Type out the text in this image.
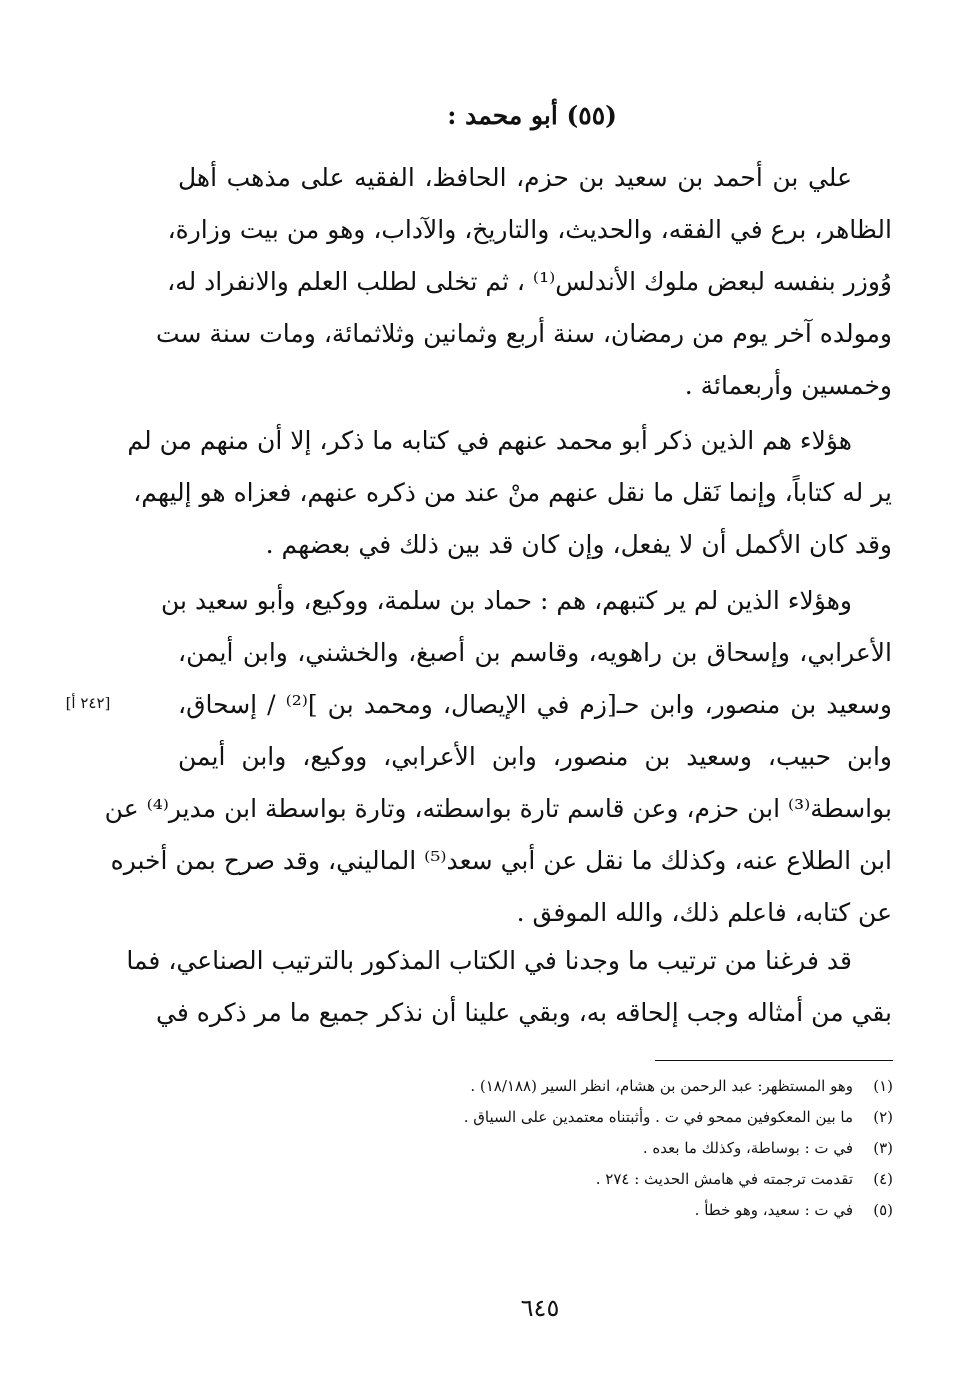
(٥٥) أبو محمد :
علي بن أحمد بن سعيد بن حزم، الحافظ، الفقيه على مذهب أهل
الظاهر، برع في الفقه، والحديث، والتاريخ، والآداب، وهو من بيت وزارة،
وُوزر بنفسه لبعض ملوك الأندلس⁽¹⁾ ، ثم تخلى لطلب العلم والانفراد له،
ومولده آخر يوم من رمضان، سنة أربع وثمانين وثلاثمائة، ومات سنة ست
وخمسين وأربعمائة .
هؤلاء هم الذين ذكر أبو محمد عنهم في كتابه ما ذكر، إلا أن منهم من لم
ير له كتاباً، وإنما نَقل ما نقل عنهم منْ عند من ذكره عنهم، فعزاه هو إليهم،
وقد كان الأكمل أن لا يفعل، وإن كان قد بين ذلك في بعضهم .
وهؤلاء الذين لم ير كتبهم، هم : حماد بن سلمة، ووكيع، وأبو سعيد بن
الأعرابي، وإسحاق بن راهويه، وقاسم بن أصبغ، والخشني، وابن أيمن،
وسعيد بن منصور، وابن حـ[زم في الإيصال، ومحمد بن ]⁽²⁾ / إسحاق،
وابن حبيب، وسعيد بن منصور، وابن الأعرابي، ووكيع، وابن أيمن
بواسطة⁽³⁾ ابن حزم، وعن قاسم تارة بواسطته، وتارة بواسطة ابن مدير⁽⁴⁾ عن
ابن الطلاع عنه، وكذلك ما نقل عن أبي سعد⁽⁵⁾ الماليني، وقد صرح بمن أخبره
عن كتابه، فاعلم ذلك، والله الموفق .
قد فرغنا من ترتيب ما وجدنا في الكتاب المذكور بالترتيب الصناعي، فما
بقي من أمثاله وجب إلحاقه به، وبقي علينا أن نذكر جميع ما مر ذكره في
[٢٤٢ أ]
(١)وهو المستظهر: عبد الرحمن بن هشام، انظر السير (١٨/١٨٨) .
(٢)ما بين المعكوفين ممحو في ت . وأثبتناه معتمدين على السياق .
(٣)في ت : بوساطة، وكذلك ما بعده .
(٤)تقدمت ترجمته في هامش الحديث : ٢٧٤ .
(٥)في ت : سعيد، وهو خطأ .
٦٤٥
